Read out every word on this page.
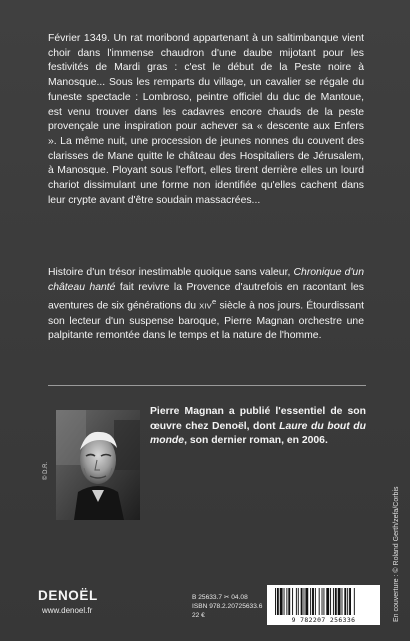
Février 1349. Un rat moribond appartenant à un saltimbanque vient choir dans l'immense chaudron d'une daube mijotant pour les festivités de Mardi gras : c'est le début de la Peste noire à Manosque... Sous les remparts du village, un cavalier se régale du funeste spectacle : Lombroso, peintre officiel du duc de Mantoue, est venu trouver dans les cadavres encore chauds de la peste provençale une inspiration pour achever sa « descente aux Enfers ». La même nuit, une procession de jeunes nonnes du couvent des clarisses de Mane quitte le château des Hospitaliers de Jérusalem, à Manosque. Ployant sous l'effort, elles tirent derrière elles un lourd chariot dissimulant une forme non identifiée qu'elles cachent dans leur crypte avant d'être soudain massacrées...

Histoire d'un trésor inestimable quoique sans valeur, Chronique d'un château hanté fait revivre la Provence d'autrefois en racontant les aventures de six générations du XIVe siècle à nos jours. Étourdissant son lecteur d'un suspense baroque, Pierre Magnan orchestre une palpitante remontée dans le temps et la nature de l'homme.

© D.R.

Pierre Magnan a publié l'essentiel de son œuvre chez Denoël, dont Laure du bout du monde, son dernier roman, en 2006.

En couverture : © Roland Gerth/zefa/Corbis
DENOËL
www.denoel.fr
B 25633.7 ✂ 04.08
ISBN 978.2.20725633.6
22 €
9 782207 256336
